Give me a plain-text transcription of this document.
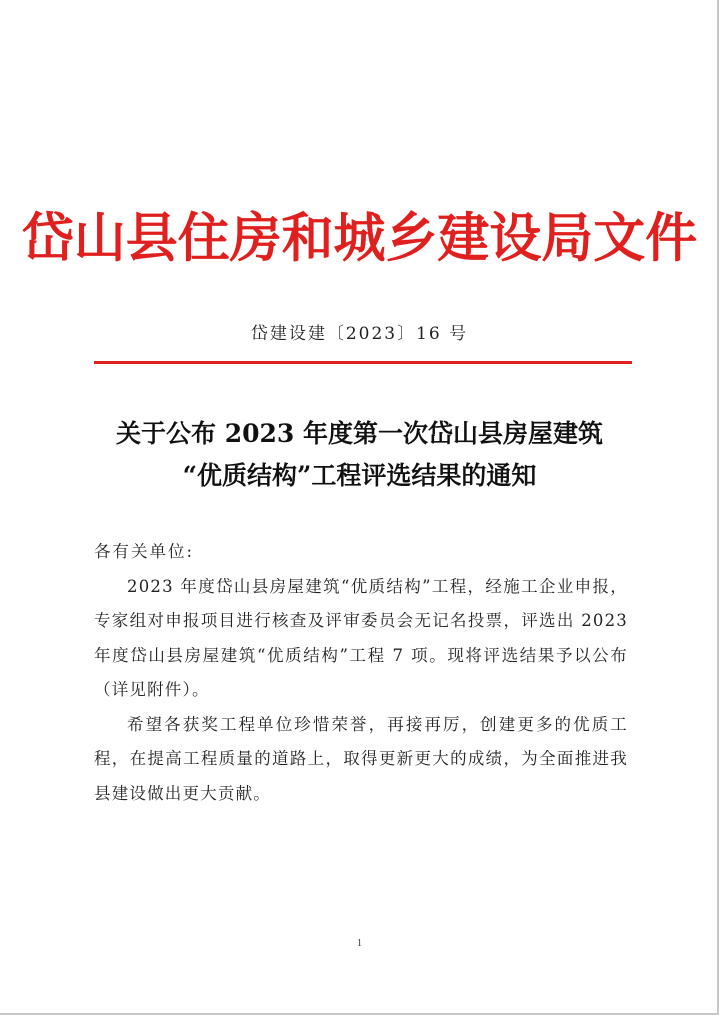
岱山县住房和城乡建设局文件
岱建设建〔2023〕16 号
关于公布 2023 年度第一次岱山县房屋建筑
“优质结构”工程评选结果的通知

各有关单位:

2023 年度岱山县房屋建筑“优质结构”工程，经施工企业申报，专家组对申报项目进行核查及评审委员会无记名投票，评选出 2023 年度岱山县房屋建筑“优质结构”工程 7 项。现将评选结果予以公布（详见附件）。

希望各获奖工程单位珍惜荣誉，再接再厉，创建更多的优质工程，在提高工程质量的道路上，取得更新更大的成绩，为全面推进我县建设做出更大贡献。

1
